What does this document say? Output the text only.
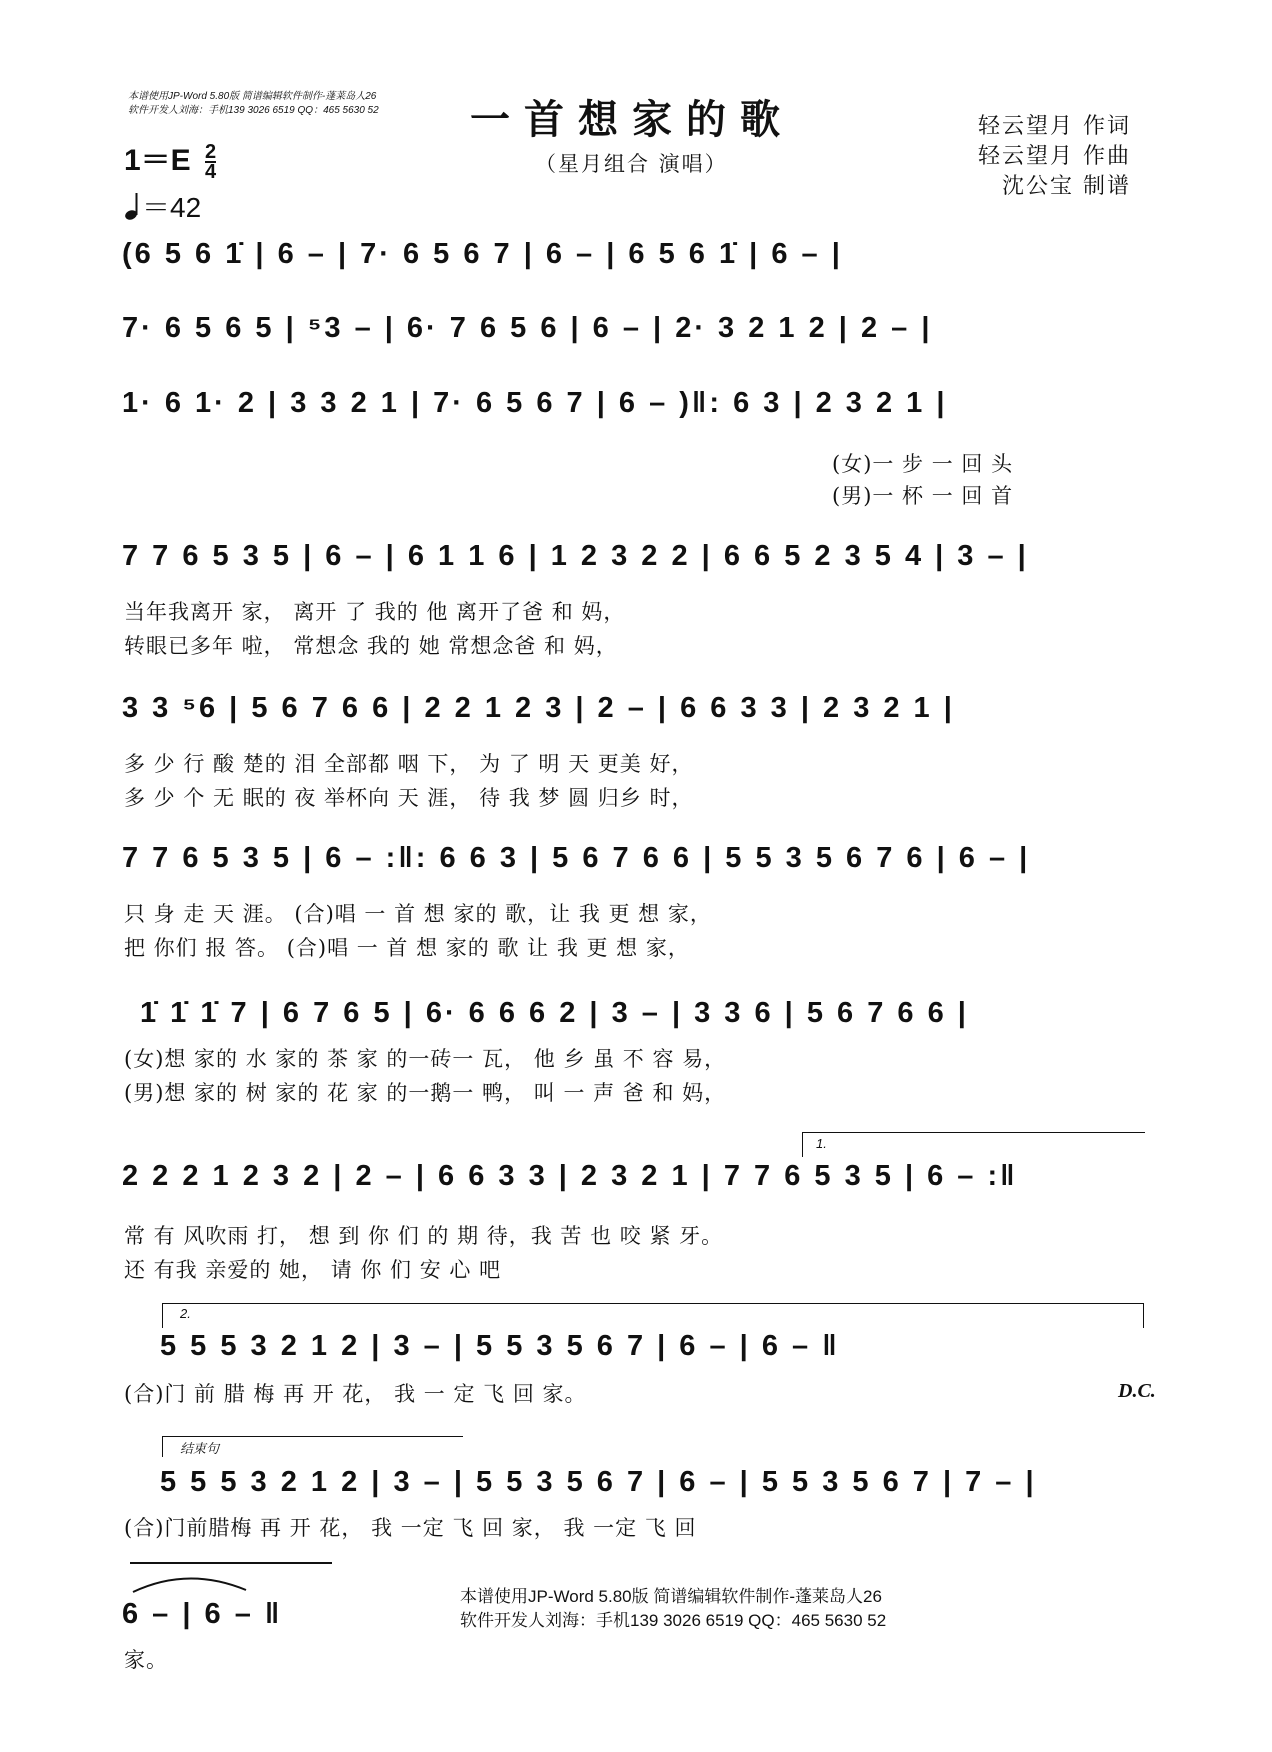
本谱使用JP-Word 5.80版 简谱编辑软件制作-蓬莱岛人26
软件开发人刘海：手机139 3026 6519 QQ：465 5630 52 一首想家的歌
（星月组合 演唱）
轻云望月 作词
轻云望月 作曲
沈公宝 制谱
$1=E \frac{2}{4}$
＝42
(6 5 6 1̇ | 6 – | 7· 6 5 6 7 | 6 – | 6 5 6 1̇ | 6 – |
7· 6 5 6 5 | ⁵3 – | 6· 7 6 5 6 | 6 – | 2· 3 2 1 2 | 2 – |
1· 6 1· 2 | 3 3 2 1 | 7· 6 5 6 7 | 6 – )‖: 6 3 | 2 3 2 1 |
(女)一 步 一 回 头
(男)一 杯 一 回 首
7 7 6 5 3 5 | 6 – | 6 1 1 6 | 1 2 3 2 2 | 6 6 5 2 3 5 4 | 3 – |
当年我离开 家， 离开 了 我的 他 离开了爸 和 妈，
转眼已多年 啦， 常想念 我的 她 常想念爸 和 妈，
3 3 ⁵6 | 5 6 7 6 6 | 2 2 1 2 3 | 2 – | 6 6 3 3 | 2 3 2 1 |
多 少 行 酸 楚的 泪 全部都 咽 下， 为 了 明 天 更美 好，
多 少 个 无 眠的 夜 举杯向 天 涯， 待 我 梦 圆 归乡 时，
7 7 6 5 3 5 | 6 – :‖: 6 6 3 | 5 6 7 6 6 | 5 5 3 5 6 7 6 | 6 – |
只 身 走 天 涯。 (合)唱 一 首 想 家的 歌，让 我 更 想 家，
把 你们 报 答。 (合)唱 一 首 想 家的 歌 让 我 更 想 家，
1̇ 1̇ 1̇ 7 | 6 7 6 5 | 6· 6 6 6 2 | 3 – | 3 3 6 | 5 6 7 6 6 |
(女)想 家的 水 家的 茶 家 的一砖一 瓦， 他 乡 虽 不 容 易，
(男)想 家的 树 家的 花 家 的一鹅一 鸭， 叫 一 声 爸 和 妈，
1.
2 2 2 1 2 3 2 | 2 – | 6 6 3 3 | 2 3 2 1 | 7 7 6 5 3 5 | 6 – :‖
常 有 风吹雨 打， 想 到 你 们 的 期 待，我 苦 也 咬 紧 牙。
还 有我 亲爱的 她， 请 你 们 安 心 吧
2.
5 5 5 3 2 1 2 | 3 – | 5 5 3 5 6 7 | 6 – | 6 – ‖
(合)门 前 腊 梅 再 开 花， 我 一 定 飞 回 家。	D.C.
结束句
5 5 5 3 2 1 2 | 3 – | 5 5 3 5 6 7 | 6 – | 5 5 3 5 6 7 | 7 – |
(合)门前腊梅 再 开 花， 我 一定 飞 回 家， 我 一定 飞 回
6 – | 6 – ‖
家。
本谱使用JP-Word 5.80版 简谱编辑软件制作-蓬莱岛人26
软件开发人刘海：手机139 3026 6519 QQ：465 5630 52
